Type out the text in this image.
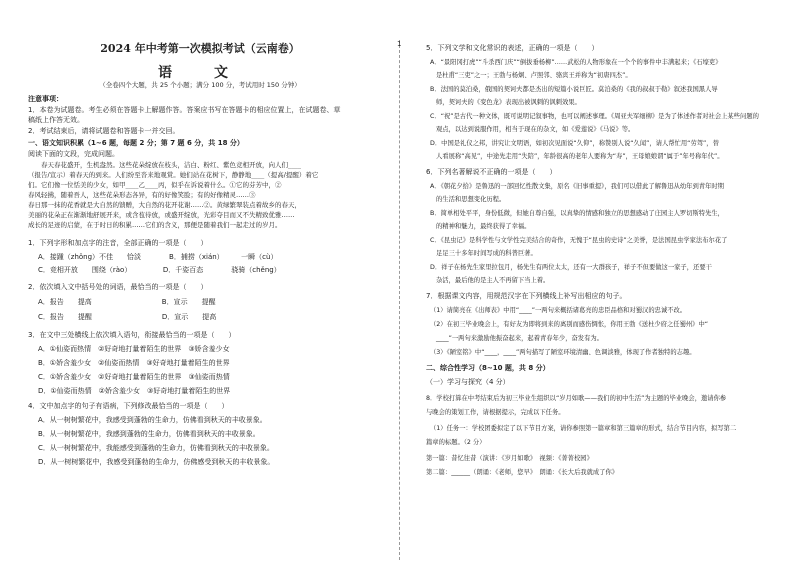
2024 年中考第一次模拟考试（云南卷）
语　文
（全卷四个大题，共 25 个小题；满分 100 分，考试用时 150 分钟）
注意事项：
1．本卷为试题卷。考生必须在答题卡上解题作答。答案应书写在答题卡的相应位置上，在试题卷、草
稿纸上作答无效。
2．考试结束后，请将试题卷和答题卡一并交回。
一、语文知识积累（1~6 题，每题 2 分；第 7 题 6 分，共 18 分）
阅读下面的文段，完成问题。
　　春天春花盛开，生机盎然。这些花朵绽放在枝头，洁白、粉红、紫色竞相开放，向人们____
（报告/宣示）着春天的到来。人们纷至沓来地观赏。她们站在花树下，静静地____（提高/提醒）着它
们。它们像一位恬美的少女，如甲____乙____丙，似乎在诉说着什么。①它的芬芳中，②
春风轻拂，随着吾人，这些花朵形态各异，有的好像笑脸；有的好像精灵……③
春日那一抹的花香就是大自然的馈赠，大自然的花开花谢……②。黄绿繁翠装点着故乡的春天，
美丽的花朵正在渐渐地舒展开来，或含苞待放，或盛开绽放，光彩夺目而又不失精致优雅……
成长的足迹的启蒙，在于时日的积累……它们的含义，那便是随着我们一起走过的岁月。
1．下列字形和加点字的注音，全部正确的一项是（　　）
A．接踵（zhǒng）不佳　　恰淡　　　　B．捕捞（xián）　　　一瞬（cù）
C．竞相开放　　围绕（rào）　　　　　D．千姿百态　　　　骁骑（chěng）
2．依次填入文中括号处的词语，最恰当的一项是（　　）
A．报告　　提高　　　　　　　　　　B．宣示　　提醒
C．报告　　提醒　　　　　　　　　　D．宣示　　提高
3．在文中三处横线上依次填入语句，衔接最恰当的一项是（　　）
A．①仙姿而热情　②好奇地打量着陌生的世界　③娇含羞少女
B．①娇含羞少女　②仙姿而热情　③好奇地打量着陌生的世界
C．①娇含羞少女　②好奇地打量着陌生的世界　③仙姿而热情
D．①仙姿而热情　②娇含羞少女　③好奇地打量着陌生的世界
4．文中加点字的句子有语病，下列修改最恰当的一项是（　　）
A．从一树树繁花中，我感受到蓬勃的生命力，仿佛看到秋天的丰收景象。
B．从一树树繁花中，我感到蓬勃的生命力，仿佛看到秋天的丰收景象。
C．从一树树繁花中，我能感受到蓬勃的生命力，仿佛看到秋天的丰收景象。
D．从一树树繁花中，我感受到蓬勃的生命力，仿佛感受到秋天的丰收景象。
1	5．下列文学和文化常识的表述，正确的一项是（　　）
A．“景阳冈打虎”“斗杀西门庆”“倒拔垂杨柳”……武松的人物形象在一个个的事件中丰满起来；《石壕吏》
是杜甫“三吏”之一；王勃与杨炯、卢照邻、骆宾王并称为“初唐四杰”。
B．法国的莫泊桑，俄国的契诃夫都是杰出的短篇小说巨匠。莫泊桑的《我的叔叔于勒》叙述我国黑人导
师，契诃夫的《变色龙》表现出被讽刺的讽刺效果。
C．“祝”是古代一种文体，既可说明记叙事物，也可以阐述事理。《周亚夫军细柳》是为了体述作者对社会上某些问题的
观点，以达到说服作用，相当于现在的杂文，如《爱莲说》《马说》等。
D．中国是礼仪之邦，讲究让文明语，如初次见面说“久仰”，称赞别人说“久闻”，请人帮忙用“劳驾”，替
人看展称“高见”，中途先走用“失陪”，年龄很高的老年人要称为“寿”，王母娘娘谓“属于”年号称年代”。
6．下列名著解说不正确的一项是（　　）
A．《朝花夕拾》是鲁迅的一部回忆性散文集，原名《旧事重提》，我们可以借此了解鲁迅从幼年到青年时期
的生活和思想变化历程。
B．简单相处平平，身份低微，但她自尊自强，以真挚的情感和独立的思想感动了庄园主人罗切斯特先生，
的精神和魅力，最终获得了幸福。
C．《昆虫记》是科学性与文学性完美结合的奇作，无愧于“昆虫的史诗”之美誉，是法国昆虫学家法布尔花了
足足三十多年时间写成的科普巨著。
D．祥子在杨先生家里拉包月，杨先生有两位太太，还有一大群孩子，祥子不但要做这一家子，还要干
杂活，最后他的是主人不再留下当上着。
7．根据课文内容，用规范汉字在下列横线上补写出相应的句子。
（1）请简亮在《出师表》中用“____”一两句来概括诸葛亮的忠臣品格和对蜀汉的忠诚不改。
（2）在初三毕业晚会上，有好友为即将到来的离别而感伤惆怅，你用王勃《送杜少府之任蜀州》中“
____”一两句来激励他振奋起来，起着青春年少，奋发有为。
（3）《陋室铭》中“____，____”两句描写了陋室环境清幽、色调淡雅，体现了作者独特的志趣。
二、综合性学习（8~10 题，共 8 分）
（一）学习与探究（4 分）
8．学校打算在中考结束后为初三毕业生组织以“岁月如歌——我们的初中生活”为主题的毕业晚会，邀请你参
与晚会的策划工作，请根据提示，完成以下任务。
（1）任务一：学校团委拟定了以下节目方案，请你参照第一篇章和第三篇章的形式，结合节目内容，拟写第二
篇章的标题。（2 分）
第一篇：昔忆往昔（演讲：《岁月如歌》　视频：《菁菁校园》
第二篇：______（朗诵：《老师，您早》　朗诵：《长大后我就成了你》
